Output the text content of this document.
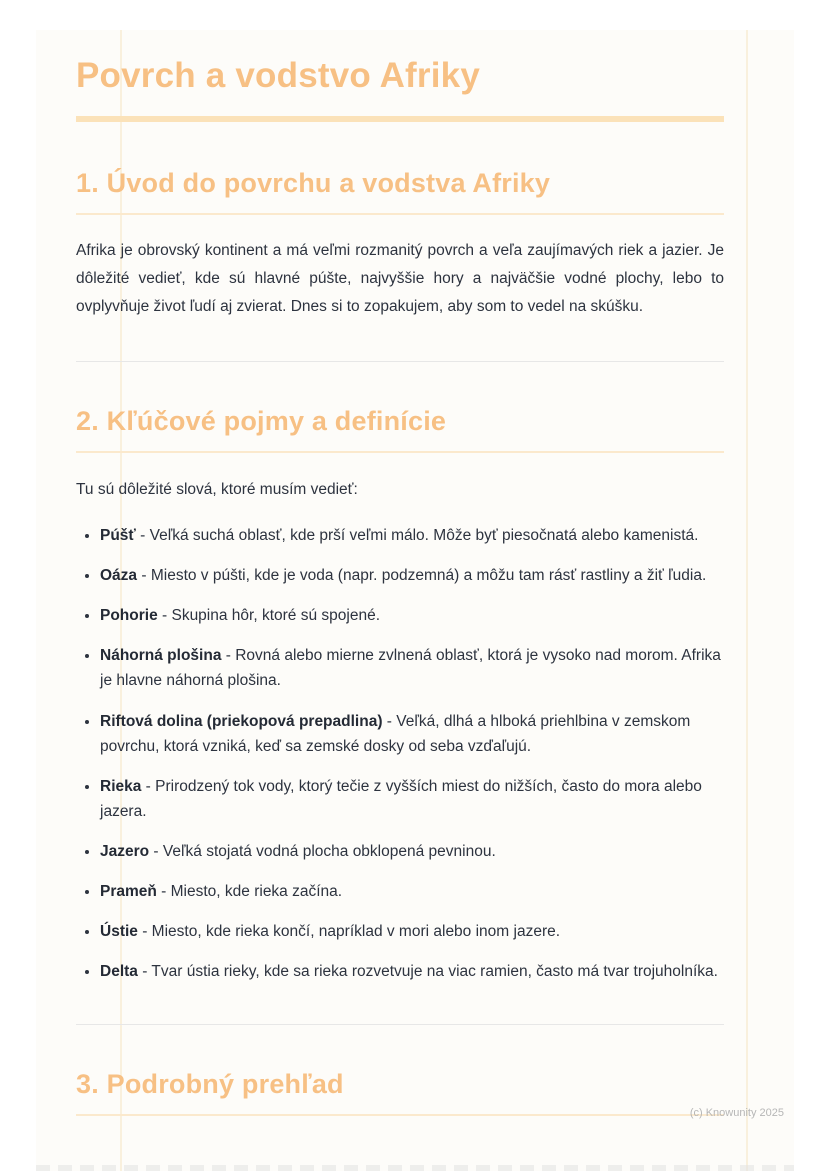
Povrch a vodstvo Afriky
1. Úvod do povrchu a vodstva Afriky

Afrika je obrovský kontinent a má veľmi rozmanitý povrch a veľa zaujímavých riek a jazier. Je dôležité vedieť, kde sú hlavné púšte, najvyššie hory a najväčšie vodné plochy, lebo to ovplyvňuje život ľudí aj zvierat. Dnes si to zopakujem, aby som to vedel na skúšku.

2. Kľúčové pojmy a definície

Tu sú dôležité slová, ktoré musím vedieť:

• Púšť - Veľká suchá oblasť, kde prší veľmi málo. Môže byť piesočnatá alebo kamenistá.
• Oáza - Miesto v púšti, kde je voda (napr. podzemná) a môžu tam rásť rastliny a žiť ľudia.
• Pohorie - Skupina hôr, ktoré sú spojené.
• Náhorná plošina - Rovná alebo mierne zvlnená oblasť, ktorá je vysoko nad morom. Afrika je hlavne náhorná plošina.
• Riftová dolina (priekopová prepadlina) - Veľká, dlhá a hlboká priehlbina v zemskom povrchu, ktorá vzniká, keď sa zemské dosky od seba vzďaľujú.
• Rieka - Prirodzený tok vody, ktorý tečie z vyšších miest do nižších, často do mora alebo jazera.
• Jazero - Veľká stojatá vodná plocha obklopená pevninou.
• Prameň - Miesto, kde rieka začína.
• Ústie - Miesto, kde rieka končí, napríklad v mori alebo inom jazere.
• Delta - Tvar ústia rieky, kde sa rieka rozvetvuje na viac ramien, často má tvar trojuholníka.
3. Podrobný prehľad
(c) Knowunity 2025
